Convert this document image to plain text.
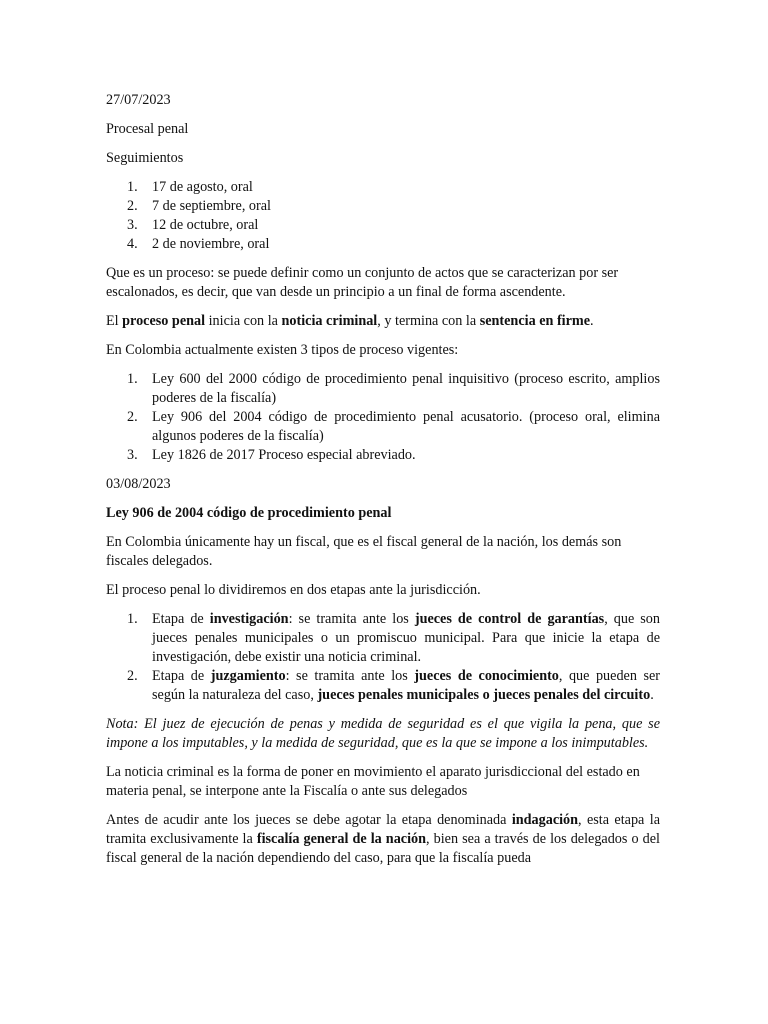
27/07/2023

Procesal penal

Seguimientos

1. 17 de agosto, oral
2. 7 de septiembre, oral
3. 12 de octubre, oral
4. 2 de noviembre, oral

Que es un proceso: se puede definir como un conjunto de actos que se caracterizan por ser escalonados, es decir, que van desde un principio a un final de forma ascendente.

El proceso penal inicia con la noticia criminal, y termina con la sentencia en firme.

En Colombia actualmente existen 3 tipos de proceso vigentes:

1. Ley 600 del 2000 código de procedimiento penal inquisitivo (proceso escrito, amplios poderes de la fiscalía)
2. Ley 906 del 2004 código de procedimiento penal acusatorio. (proceso oral, elimina algunos poderes de la fiscalía)
3. Ley 1826 de 2017 Proceso especial abreviado.

03/08/2023

Ley 906 de 2004 código de procedimiento penal

En Colombia únicamente hay un fiscal, que es el fiscal general de la nación, los demás son fiscales delegados.

El proceso penal lo dividiremos en dos etapas ante la jurisdicción.

1. Etapa de investigación: se tramita ante los jueces de control de garantías, que son jueces penales municipales o un promiscuo municipal. Para que inicie la etapa de investigación, debe existir una noticia criminal.
2. Etapa de juzgamiento: se tramita ante los jueces de conocimiento, que pueden ser según la naturaleza del caso, jueces penales municipales o jueces penales del circuito.

Nota: El juez de ejecución de penas y medida de seguridad es el que vigila la pena, que se impone a los imputables, y la medida de seguridad, que es la que se impone a los inimputables.

La noticia criminal es la forma de poner en movimiento el aparato jurisdiccional del estado en materia penal, se interpone ante la Fiscalía o ante sus delegados

Antes de acudir ante los jueces se debe agotar la etapa denominada indagación, esta etapa la tramita exclusivamente la fiscalía general de la nación, bien sea a través de los delegados o del fiscal general de la nación dependiendo del caso, para que la fiscalía pueda
